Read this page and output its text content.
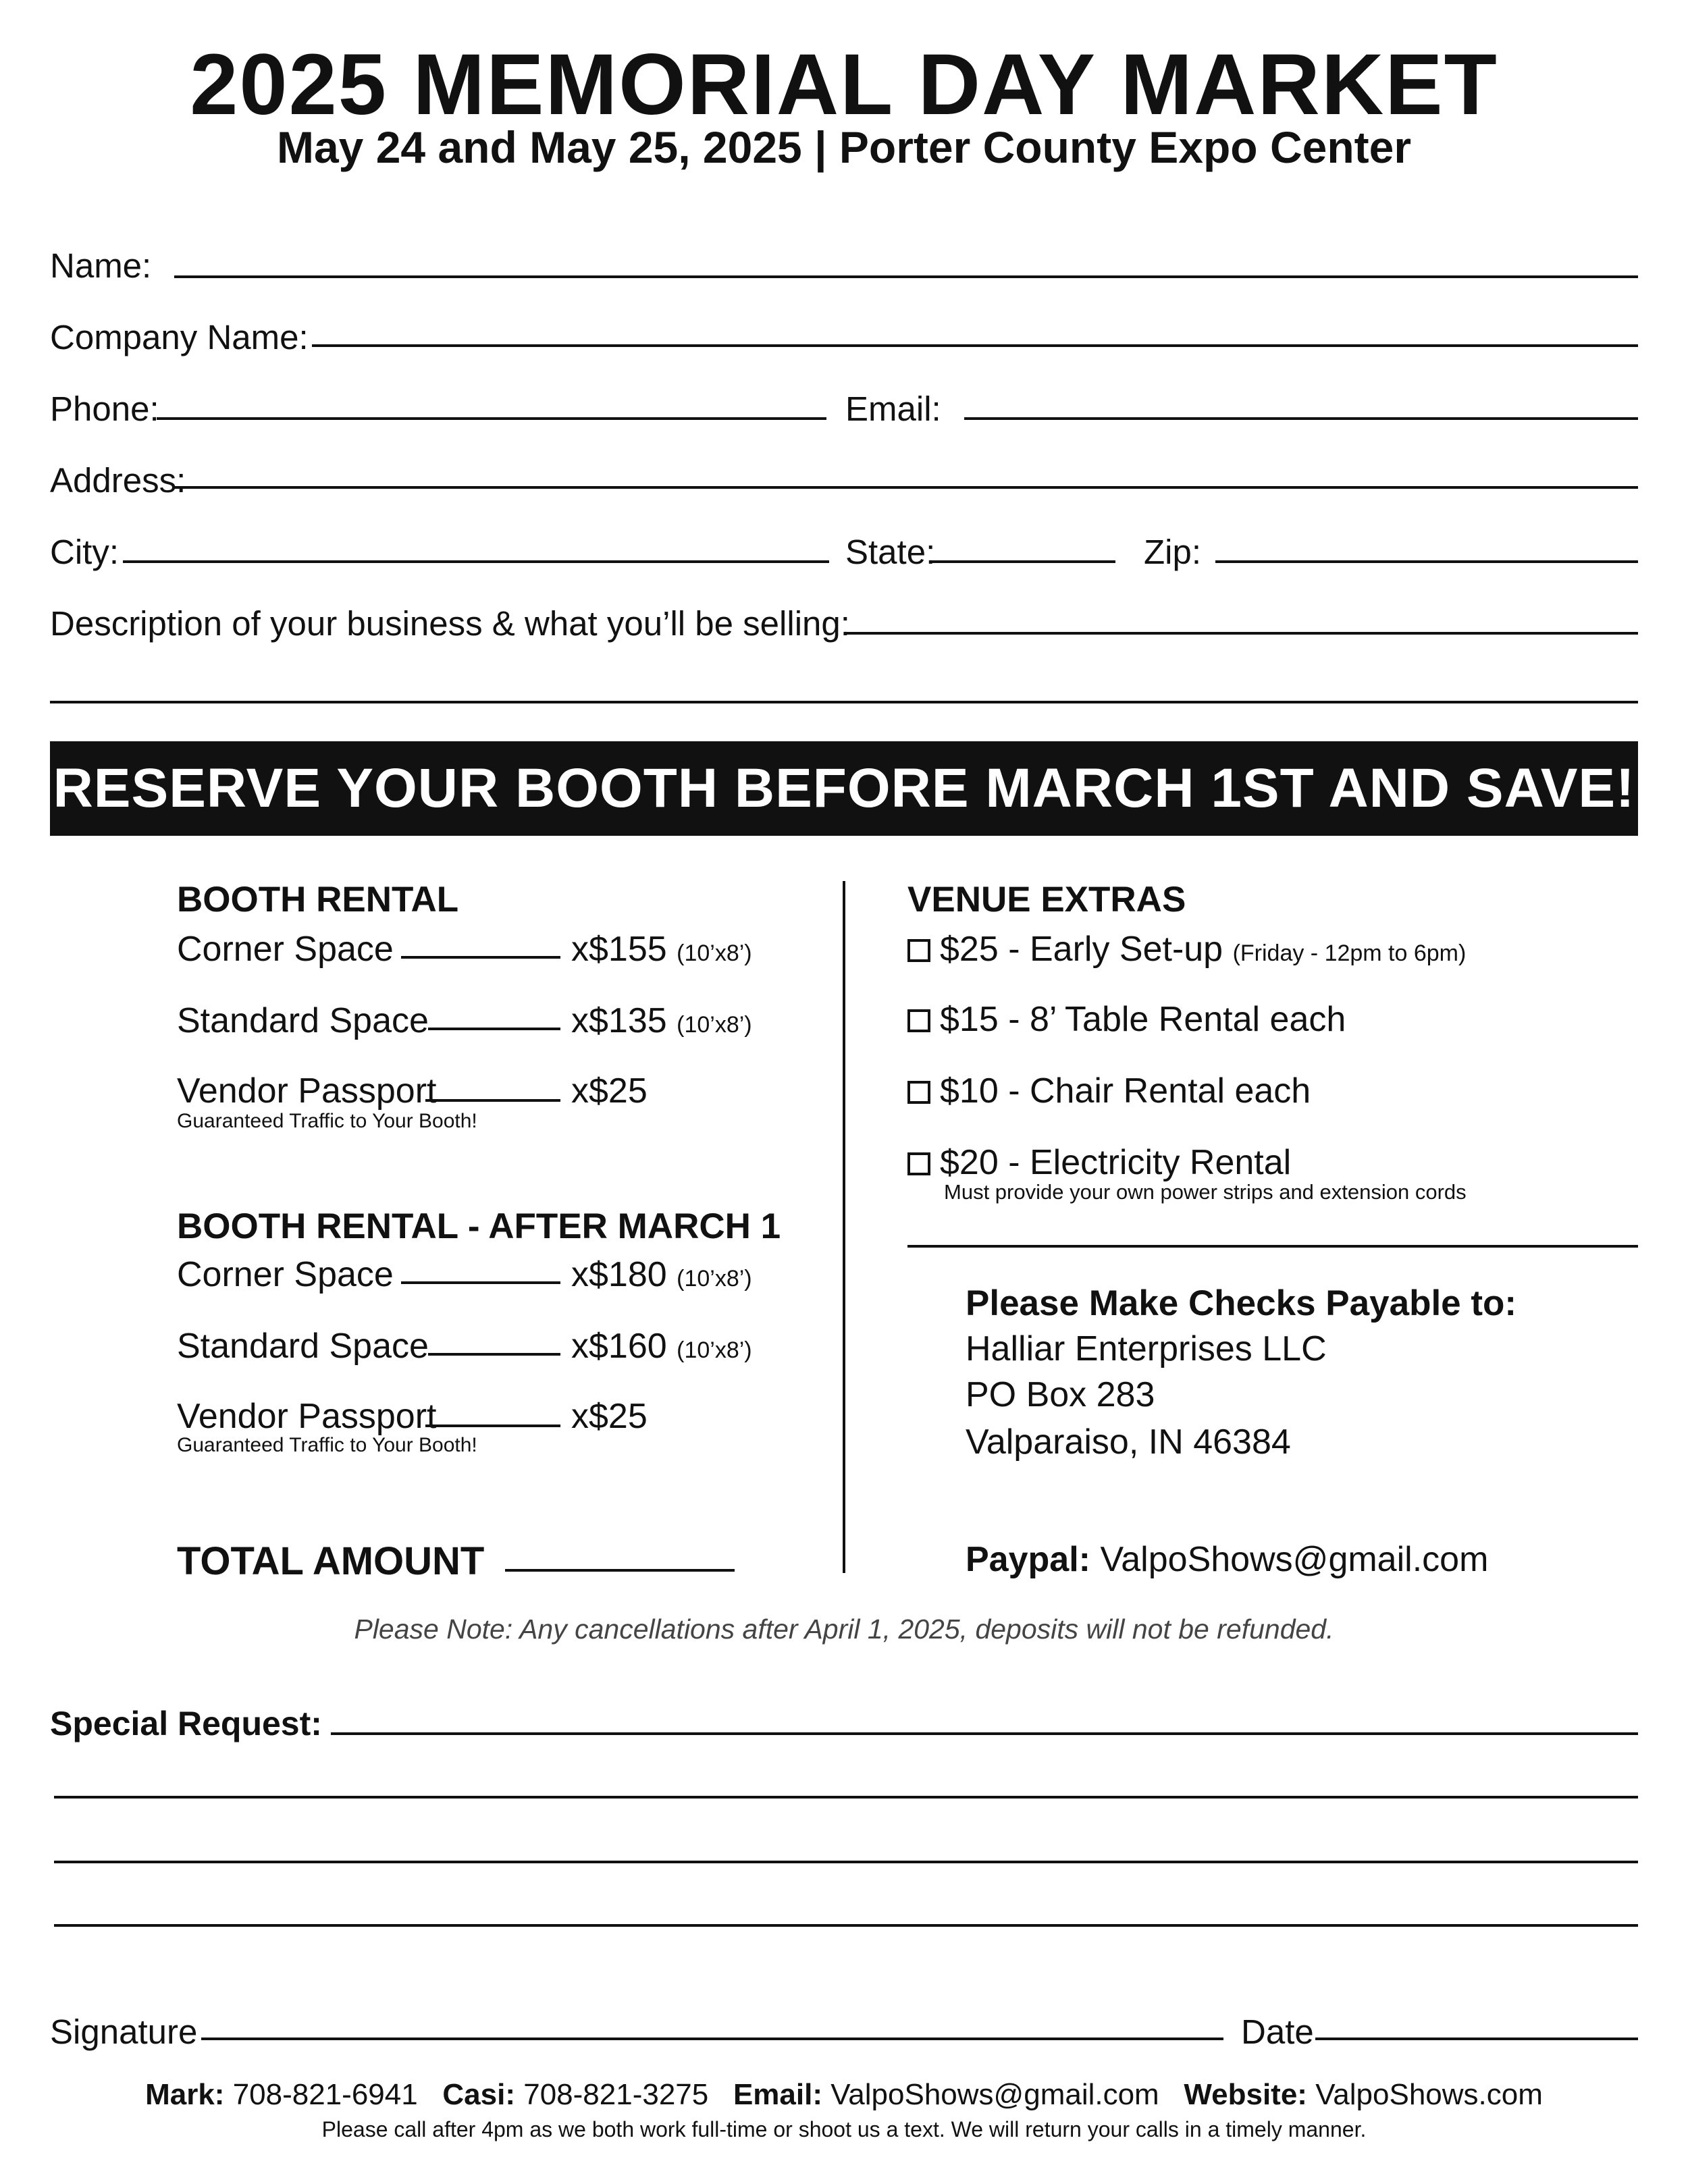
2025 MEMORIAL DAY MARKET
May 24 and May 25, 2025 | Porter County Expo Center
Name:
Company Name:
Phone:	Email:
Address:
City:	State:	Zip:
Description of your business & what you’ll be selling:
RESERVE YOUR BOOTH BEFORE MARCH 1ST AND SAVE!
BOOTH RENTAL
Corner Space	x$155 (10’x8’)
Standard Space	x$135 (10’x8’)
Vendor Passport	x$25
Guaranteed Traffic to Your Booth!
BOOTH RENTAL - AFTER MARCH 1
Corner Space	x$180 (10’x8’)
Standard Space	x$160 (10’x8’)
Vendor Passport	x$25
Guaranteed Traffic to Your Booth!
TOTAL AMOUNT
VENUE EXTRAS
$25 - Early Set-up (Friday - 12pm to 6pm)
$15 - 8’ Table Rental each
$10 - Chair Rental each
$20 - Electricity Rental
Must provide your own power strips and extension cords
Please Make Checks Payable to:
Halliar Enterprises LLC
PO Box 283
Valparaiso, IN 46384
Paypal: ValpoShows@gmail.com
Please Note: Any cancellations after April 1, 2025, deposits will not be refunded.
Special Request:
Signature	Date
Mark: 708-821-6941 Casi: 708-821-3275 Email: ValpoShows@gmail.com Website: ValpoShows.com
Please call after 4pm as we both work full-time or shoot us a text. We will return your calls in a timely manner.
